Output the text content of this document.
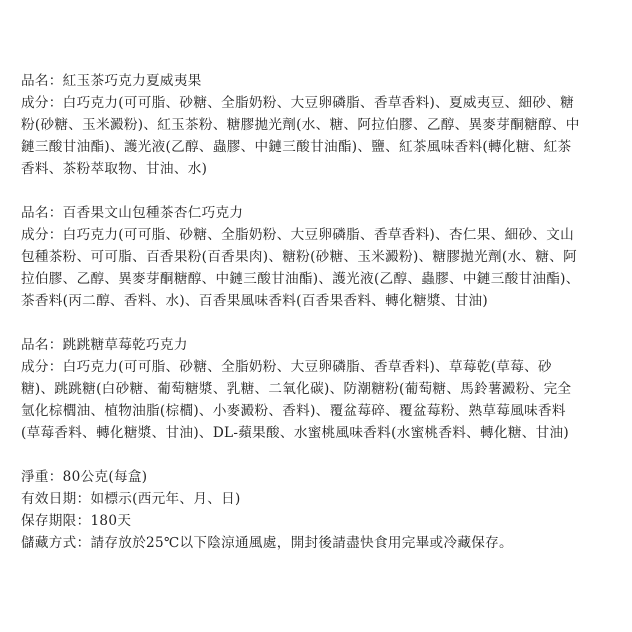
品名：紅玉茶巧克力夏威夷果
成分：白巧克力(可可脂、砂糖、全脂奶粉、大豆卵磷脂、香草香料)、夏威夷豆、細砂、糖
粉(砂糖、玉米澱粉)、紅玉茶粉、糖膠拋光劑(水、糖、阿拉伯膠、乙醇、異麥芽酮糖醇、中
鏈三酸甘油酯)、護光液(乙醇、蟲膠、中鏈三酸甘油酯)、鹽、紅茶風味香料(轉化糖、紅茶
香料、茶粉萃取物、甘油、水)
品名：百香果文山包種茶杏仁巧克力
成分：白巧克力(可可脂、砂糖、全脂奶粉、大豆卵磷脂、香草香料)、杏仁果、細砂、文山
包種茶粉、可可脂、百香果粉(百香果肉)、糖粉(砂糖、玉米澱粉)、糖膠拋光劑(水、糖、阿
拉伯膠、乙醇、異麥芽酮糖醇、中鏈三酸甘油酯)、護光液(乙醇、蟲膠、中鏈三酸甘油酯)、
茶香料(丙二醇、香料、水)、百香果風味香料(百香果香料、轉化糖漿、甘油)
品名：跳跳糖草莓乾巧克力
成分：白巧克力(可可脂、砂糖、全脂奶粉、大豆卵磷脂、香草香料)、草莓乾(草莓、砂
糖)、跳跳糖(白砂糖、葡萄糖漿、乳糖、二氧化碳)、防潮糖粉(葡萄糖、馬鈴薯澱粉、完全
氫化棕櫚油、植物油脂(棕櫚)、小麥澱粉、香料)、覆盆莓碎、覆盆莓粉、熟草莓風味香料
(草莓香料、轉化糖漿、甘油)、DL-蘋果酸、水蜜桃風味香料(水蜜桃香料、轉化糖、甘油)
淨重：80公克(每盒)
有效日期：如標示(西元年、月、日)
保存期限：180天
儲藏方式：請存放於25℃以下陰涼通風處，開封後請盡快食用完畢或冷藏保存。
